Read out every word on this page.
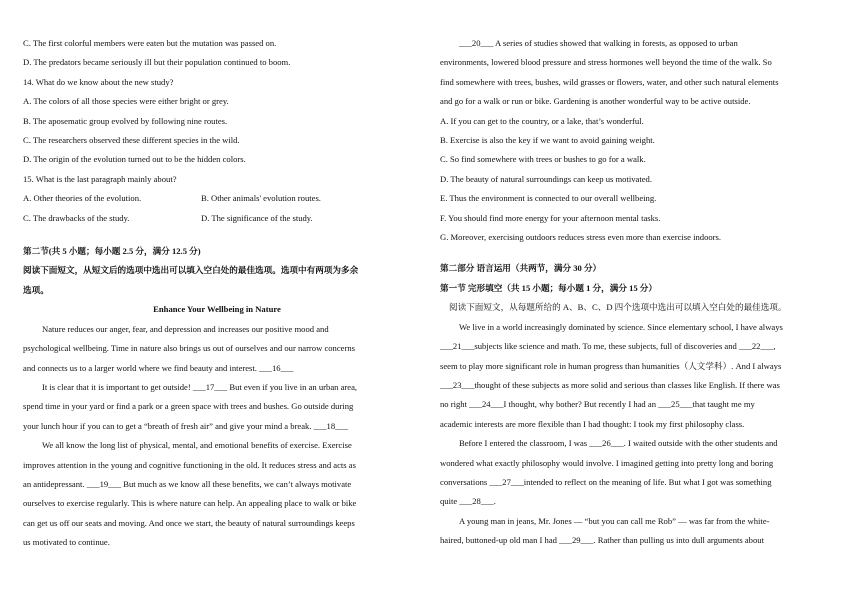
C. The first colorful members were eaten but the mutation was passed on.
D. The predators became seriously ill but their population continued to boom.
14. What do we know about the new study?
A. The colors of all those species were either bright or grey.
B. The aposematic group evolved by following nine routes.
C. The researchers observed these different species in the wild.
D. The origin of the evolution turned out to be the hidden colors.
15. What is the last paragraph mainly about?
A. Other theories of the evolution.	B. Other animals' evolution routes.
C. The drawbacks of the study.	D. The significance of the study.
第二节(共 5 小题；每小题 2.5 分，满分 12.5 分)
阅读下面短文，从短文后的选项中选出可以填入空白处的最佳选项。选项中有两项为多余
选项。
Enhance Your Wellbeing in Nature
Nature reduces our anger, fear, and depression and increases our positive mood and
psychological wellbeing. Time in nature also brings us out of ourselves and our narrow concerns
and connects us to a larger world where we find beauty and interest. ___16___
It is clear that it is important to get outside! ___17___ But even if you live in an urban area,
spend time in your yard or find a park or a green space with trees and bushes. Go outside during
your lunch hour if you can to get a “breath of fresh air” and give your mind a break. ___18___
We all know the long list of physical, mental, and emotional benefits of exercise. Exercise
improves attention in the young and cognitive functioning in the old. It reduces stress and acts as
an antidepressant. ___19___ But much as we know all these benefits, we can’t always motivate
ourselves to exercise regularly. This is where nature can help. An appealing place to walk or bike
can get us off our seats and moving. And once we start, the beauty of natural surroundings keeps
us motivated to continue.
___20___ A series of studies showed that walking in forests, as opposed to urban
environments, lowered blood pressure and stress hormones well beyond the time of the walk. So
find somewhere with trees, bushes, wild grasses or flowers, water, and other such natural elements
and go for a walk or run or bike. Gardening is another wonderful way to be active outside.
A. If you can get to the country, or a lake, that’s wonderful.
B. Exercise is also the key if we want to avoid gaining weight.
C. So find somewhere with trees or bushes to go for a walk.
D. The beauty of natural surroundings can keep us motivated.
E. Thus the environment is connected to our overall wellbeing.
F. You should find more energy for your afternoon mental tasks.
G. Moreover, exercising outdoors reduces stress even more than exercise indoors.
第二部分 语言运用（共两节，满分 30 分）
第一节 完形填空（共 15 小题；每小题 1 分，满分 15 分）
阅读下面短文，从每题所给的 A、B、C、D 四个选项中选出可以填入空白处的最佳选项。
We live in a world increasingly dominated by science. Since elementary school, I have always
___21___subjects like science and math. To me, these subjects, full of discoveries and ___22___,
seem to play more significant role in human progress than humanities（人文学科）. And I always
___23___thought of these subjects as more solid and serious than classes like English. If there was
no right ___24___I thought, why bother? But recently I had an ___25___that taught me my
academic interests are more flexible than I had thought: I took my first philosophy class.
Before I entered the classroom, I was ___26___. I waited outside with the other students and
wondered what exactly philosophy would involve. I imagined getting into pretty long and boring
conversations ___27___intended to reflect on the meaning of life. But what I got was something
quite ___28___.
A young man in jeans, Mr. Jones — “but you can call me Rob” — was far from the white-
haired, buttoned-up old man I had ___29___. Rather than pulling us into dull arguments about
